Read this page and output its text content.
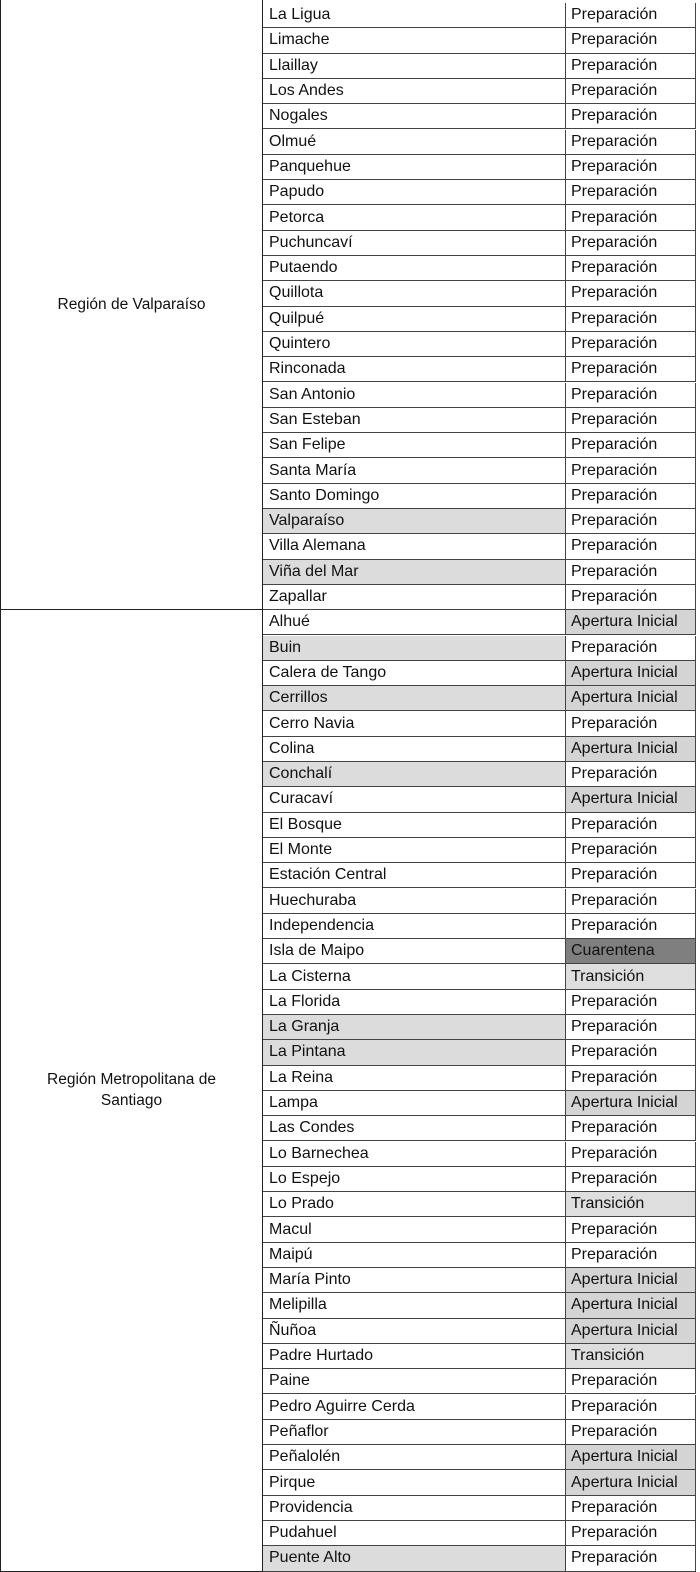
Región de Valparaíso
La Ligua	Preparación
Limache	Preparación
Llaillay	Preparación
Los Andes	Preparación
Nogales	Preparación
Olmué	Preparación
Panquehue	Preparación
Papudo	Preparación
Petorca	Preparación
Puchuncaví	Preparación
Putaendo	Preparación
Quillota	Preparación
Quilpué	Preparación
Quintero	Preparación
Rinconada	Preparación
San Antonio	Preparación
San Esteban	Preparación
San Felipe	Preparación
Santa María	Preparación
Santo Domingo	Preparación
Valparaíso	Preparación
Villa Alemana	Preparación
Viña del Mar	Preparación
Zapallar	Preparación
Región Metropolitana de Santiago
Alhué	Apertura Inicial
Buin	Preparación
Calera de Tango	Apertura Inicial
Cerrillos	Apertura Inicial
Cerro Navia	Preparación
Colina	Apertura Inicial
Conchalí	Preparación
Curacaví	Apertura Inicial
El Bosque	Preparación
El Monte	Preparación
Estación Central	Preparación
Huechuraba	Preparación
Independencia	Preparación
Isla de Maipo	Cuarentena
La Cisterna	Transición
La Florida	Preparación
La Granja	Preparación
La Pintana	Preparación
La Reina	Preparación
Lampa	Apertura Inicial
Las Condes	Preparación
Lo Barnechea	Preparación
Lo Espejo	Preparación
Lo Prado	Transición
Macul	Preparación
Maipú	Preparación
María Pinto	Apertura Inicial
Melipilla	Apertura Inicial
Ñuñoa	Apertura Inicial
Padre Hurtado	Transición
Paine	Preparación
Pedro Aguirre Cerda	Preparación
Peñaflor	Preparación
Peñalolén	Apertura Inicial
Pirque	Apertura Inicial
Providencia	Preparación
Pudahuel	Preparación
Puente Alto	Preparación
